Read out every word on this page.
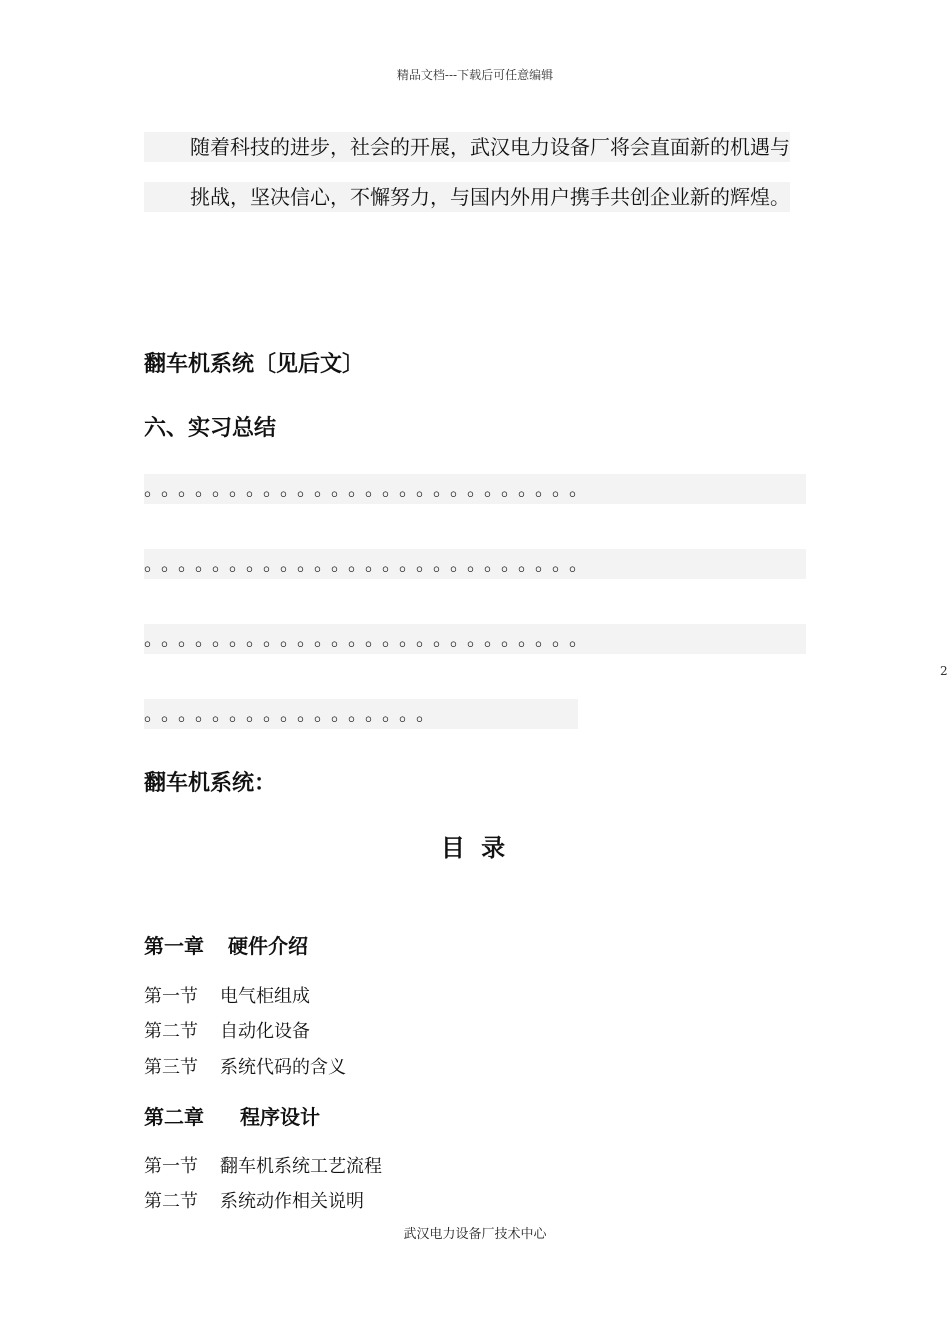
精品文档---下载后可任意编辑
随着科技的进步，社会的开展，武汉电力设备厂将会直面新的机遇与挑战，坚决信心，不懈努力，与国内外用户携手共创企业新的辉煌。
翻车机系统〔见后文〕
六、实习总结
。。。。。。。。。。。。。。。。。。。。。。。。。。
。。。。。。。。。。。。。。。。。。。。。。。。。。
。。。。。。。。。。。。。。。。。。。。。。。。。。
。。。。。。。。。。。。。。。。。
2
翻车机系统：
目 录
第一章 硬件介绍
第一节 电气柜组成
第二节 自动化设备
第三节 系统代码的含义
第二章 程序设计
第一节 翻车机系统工艺流程
第二节 系统动作相关说明
武汉电力设备厂技术中心
